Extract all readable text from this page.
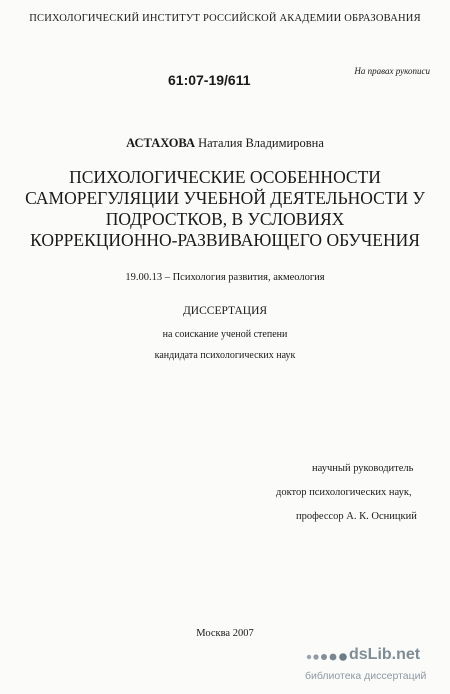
ПСИХОЛОГИЧЕСКИЙ ИНСТИТУТ РОССИЙСКОЙ АКАДЕМИИ ОБРАЗОВАНИЯ
На правах рукописи
61:07-19/611
АСТАХОВА Наталия Владимировна
ПСИХОЛОГИЧЕСКИЕ ОСОБЕННОСТИ
САМОРЕГУЛЯЦИИ УЧЕБНОЙ ДЕЯТЕЛЬНОСТИ У
ПОДРОСТКОВ, В УСЛОВИЯХ
КОРРЕКЦИОННО-РАЗВИВАЮЩЕГО ОБУЧЕНИЯ
19.00.13 – Психология развития, акмеология
ДИССЕРТАЦИЯ
на соискание ученой степени
кандидата психологических наук
научный руководитель
доктор психологических наук,
профессор А. К. Осницкий
Москва 2007
dsLib.net
библиотека диссертаций
